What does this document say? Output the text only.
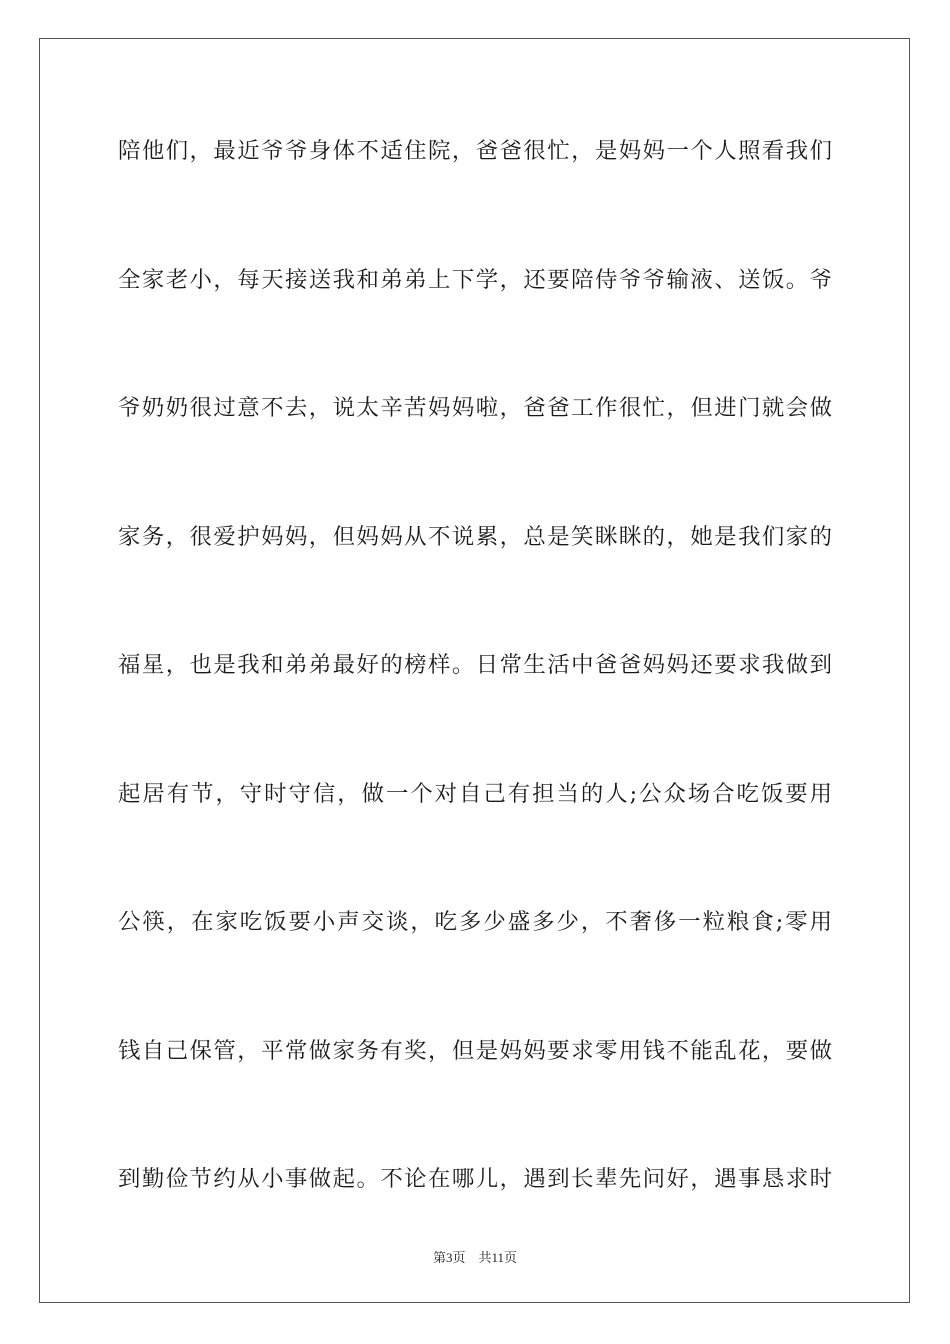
陪他们，最近爷爷身体不适住院，爸爸很忙，是妈妈一个人照看我们
全家老小，每天接送我和弟弟上下学，还要陪侍爷爷输液、送饭。爷
爷奶奶很过意不去，说太辛苦妈妈啦，爸爸工作很忙，但进门就会做
家务，很爱护妈妈，但妈妈从不说累，总是笑眯眯的，她是我们家的
福星，也是我和弟弟最好的榜样。日常生活中爸爸妈妈还要求我做到
起居有节，守时守信，做一个对自己有担当的人;公众场合吃饭要用
公筷，在家吃饭要小声交谈，吃多少盛多少，不奢侈一粒粮食;零用
钱自己保管，平常做家务有奖，但是妈妈要求零用钱不能乱花，要做
到勤俭节约从小事做起。不论在哪儿，遇到长辈先问好，遇事恳求时
第3页    共11页
